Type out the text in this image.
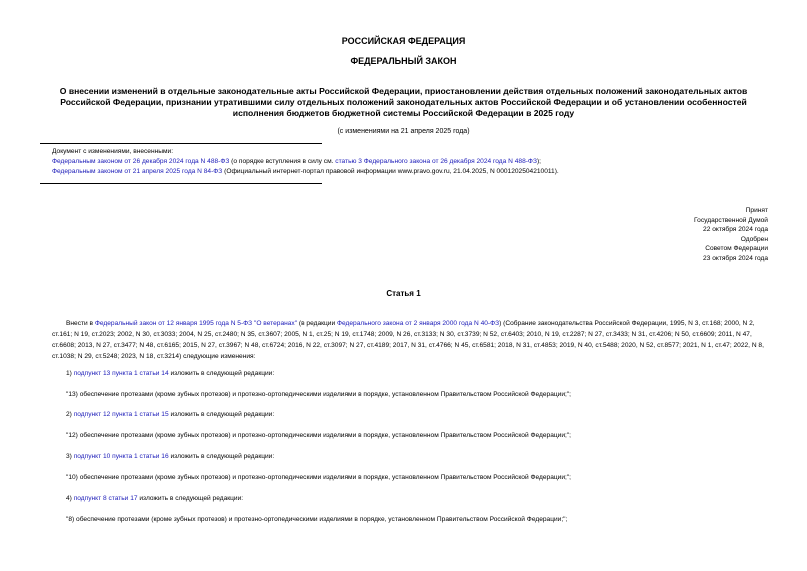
РОССИЙСКАЯ ФЕДЕРАЦИЯ
ФЕДЕРАЛЬНЫЙ ЗАКОН
О внесении изменений в отдельные законодательные акты Российской Федерации, приостановлении действия отдельных положений законодательных актов Российской Федерации, признании утратившими силу отдельных положений законодательных актов Российской Федерации и об установлении особенностей исполнения бюджетов бюджетной системы Российской Федерации в 2025 году
(с изменениями на 21 апреля 2025 года)
Документ с изменениями, внесенными:
Федеральным законом от 26 декабря 2024 года N 488-ФЗ (о порядке вступления в силу см. статью 3 Федерального закона от 26 декабря 2024 года N 488-ФЗ);
Федеральным законом от 21 апреля 2025 года N 84-ФЗ (Официальный интернет-портал правовой информации www.pravo.gov.ru, 21.04.2025, N 0001202504210011).
Принят
Государственной Думой
22 октября 2024 года
Одобрен
Советом Федерации
23 октября 2024 года
Статья 1
Внести в Федеральный закон от 12 января 1995 года N 5-ФЗ "О ветеранах" (в редакции Федерального закона от 2 января 2000 года N 40-ФЗ) (Собрание законодательства Российской Федерации, 1995, N 3, ст.168; 2000, N 2, ст.161; N 19, ст.2023; 2002, N 30, ст.3033; 2004, N 25, ст.2480; N 35, ст.3607; 2005, N 1, ст.25; N 19, ст.1748; 2009, N 26, ст.3133; N 30, ст.3739; N 52, ст.6403; 2010, N 19, ст.2287; N 27, ст.3433; N 31, ст.4206; N 50, ст.6609; 2011, N 47, ст.6608; 2013, N 27, ст.3477; N 48, ст.6165; 2015, N 27, ст.3967; N 48, ст.6724; 2016, N 22, ст.3097; N 27, ст.4189; 2017, N 31, ст.4766; N 45, ст.6581; 2018, N 31, ст.4853; 2019, N 40, ст.5488; 2020, N 52, ст.8577; 2021, N 1, ст.47; 2022, N 8, ст.1038; N 29, ст.5248; 2023, N 18, ст.3214) следующие изменения:
1) подпункт 13 пункта 1 статьи 14 изложить в следующей редакции:
"13) обеспечение протезами (кроме зубных протезов) и протезно-ортопедическими изделиями в порядке, установленном Правительством Российской Федерации;";
2) подпункт 12 пункта 1 статьи 15 изложить в следующей редакции:
"12) обеспечение протезами (кроме зубных протезов) и протезно-ортопедическими изделиями в порядке, установленном Правительством Российской Федерации;";
3) подпункт 10 пункта 1 статьи 16 изложить в следующей редакции:
"10) обеспечение протезами (кроме зубных протезов) и протезно-ортопедическими изделиями в порядке, установленном Правительством Российской Федерации;";
4) подпункт 8 статьи 17 изложить в следующей редакции:
"8) обеспечение протезами (кроме зубных протезов) и протезно-ортопедическими изделиями в порядке, установленном Правительством Российской Федерации;";
